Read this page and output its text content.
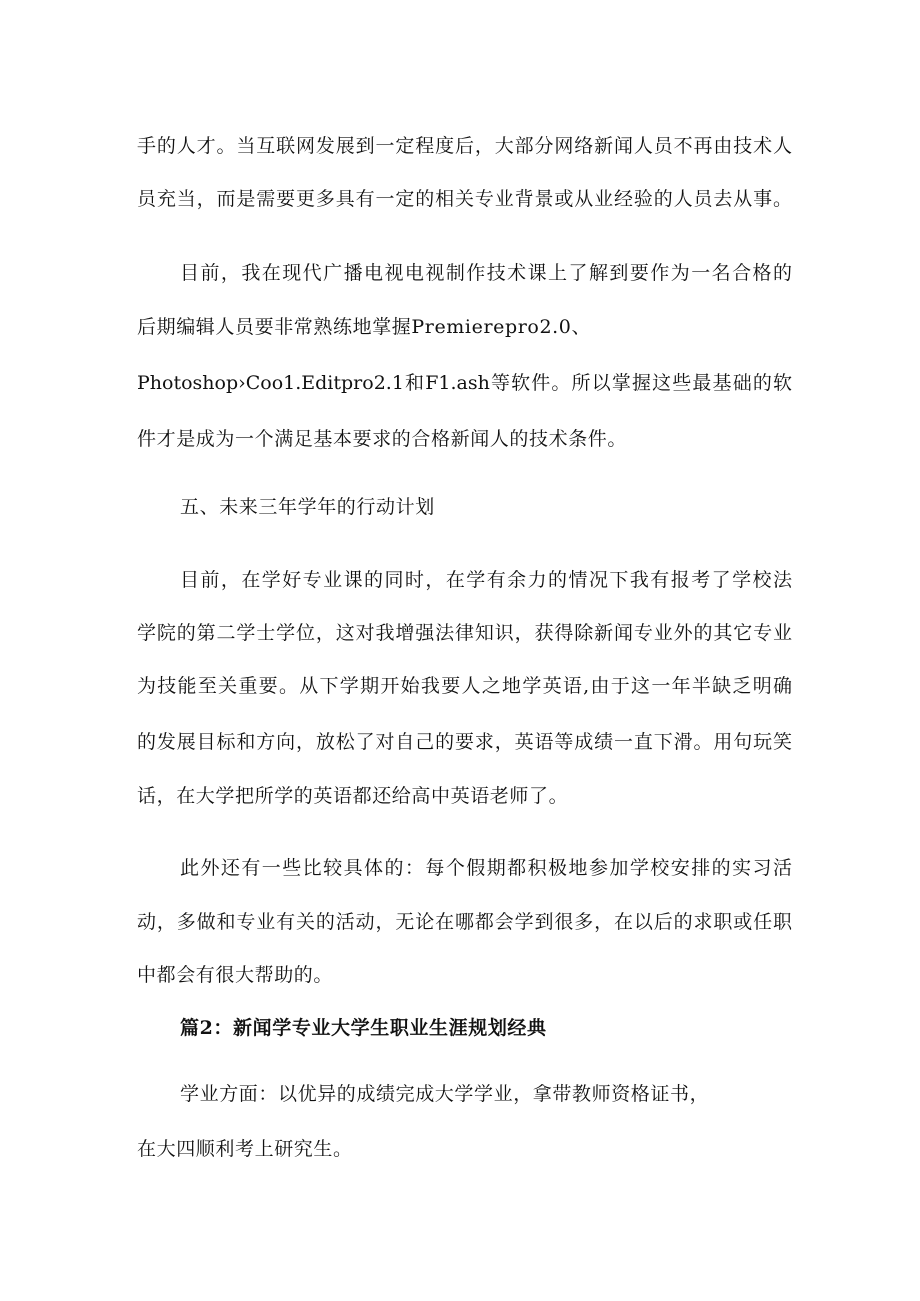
手的人才。当互联网发展到一定程度后，大部分网络新闻人员不再由技术人
员充当，而是需要更多具有一定的相关专业背景或从业经验的人员去从事。
目前，我在现代广播电视电视制作技术课上了解到要作为一名合格的
后期编辑人员要非常熟练地掌握Premierepro2.0、
Photoshop›Coo1.Editpro2.1和F1.ash等软件。所以掌握这些最基础的软
件才是成为一个满足基本要求的合格新闻人的技术条件。
五、未来三年学年的行动计划
目前，在学好专业课的同时，在学有余力的情况下我有报考了学校法
学院的第二学士学位，这对我增强法律知识，获得除新闻专业外的其它专业
为技能至关重要。从下学期开始我要人之地学英语,由于这一年半缺乏明确
的发展目标和方向，放松了对自己的要求，英语等成绩一直下滑。用句玩笑
话，在大学把所学的英语都还给高中英语老师了。
此外还有一些比较具体的：每个假期都积极地参加学校安排的实习活
动，多做和专业有关的活动，无论在哪都会学到很多，在以后的求职或任职
中都会有很大帮助的。
篇2：新闻学专业大学生职业生涯规划经典
学业方面：以优异的成绩完成大学学业，拿带教师资格证书，
在大四顺利考上研究生。
